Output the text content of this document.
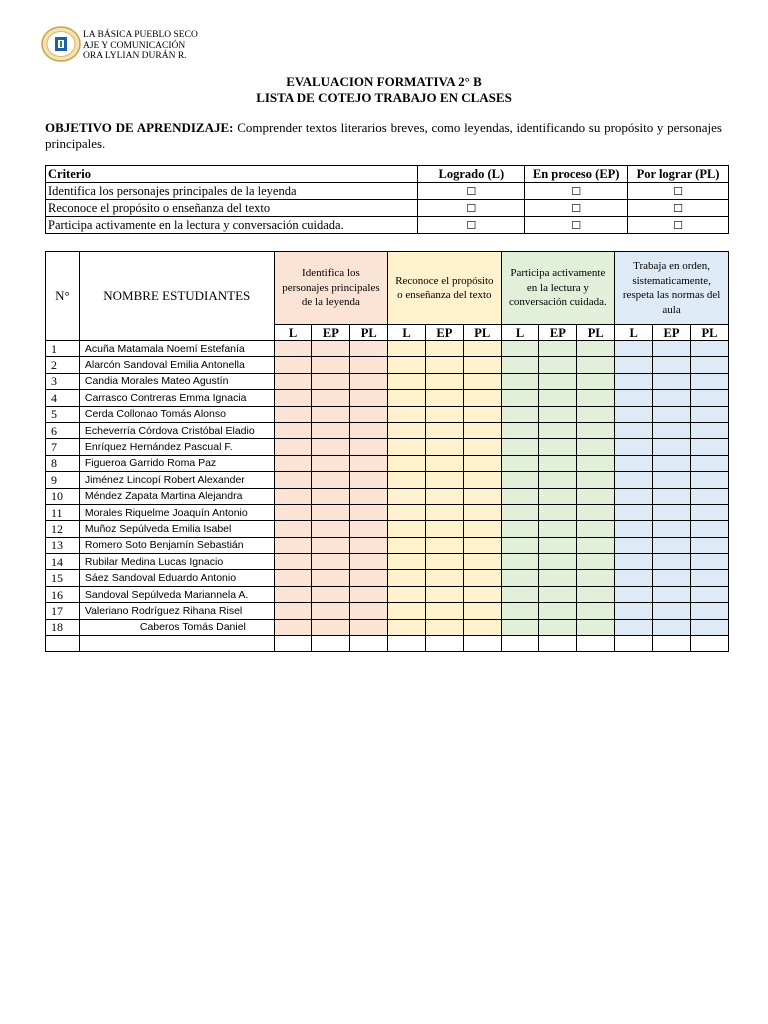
LA BÁSICA PUEBLO SECO
AJE Y COMUNICACIÓN
ORA LYLIAN DURÁN R.
EVALUACION FORMATIVA 2° B
LISTA DE COTEJO TRABAJO EN CLASES
OBJETIVO DE APRENDIZAJE: Comprender textos literarios breves, como leyendas, identificando su propósito y personajes principales.
Criterio	Logrado (L)	En proceso (EP)	Por lograr (PL)
Identifica los personajes principales de la leyenda	☐	☐	☐
Reconoce el propósito o enseñanza del texto	☐	☐	☐
Participa activamente en la lectura y conversación cuidada.	☐	☐	☐
N°	NOMBRE ESTUDIANTES	Identifica los personajes principales de la leyenda			Reconoce el propósito o enseñanza del texto			Participa activamente en la lectura y conversación cuidada.			Trabaja en orden, sistematicamente, respeta las normas del aula		
		L	EP	PL	L	EP	PL	L	EP	PL	L	EP	PL
1	Acuña Matamala Noemí Estefanía												
2	Alarcón Sandoval Emilia Antonella												
3	Candia Morales Mateo Agustín												
4	Carrasco Contreras Emma Ignacia												
5	Cerda Collonao Tomás Alonso												
6	Echeverría Córdova Cristóbal Eladio												
7	Enríquez Hernández Pascual F.												
8	Figueroa Garrido Roma Paz												
9	Jiménez Lincopí Robert Alexander												
10	Méndez Zapata Martina Alejandra												
11	Morales Riquelme Joaquín Antonio												
12	Muñoz Sepúlveda Emilia Isabel												
13	Romero Soto Benjamín Sebastián												
14	Rubilar Medina Lucas Ignacio												
15	Sáez Sandoval Eduardo Antonio												
16	Sandoval Sepúlveda Mariannela A.												
17	Valeriano Rodríguez Rihana Risel												
18	Caberos Tomás Daniel												
